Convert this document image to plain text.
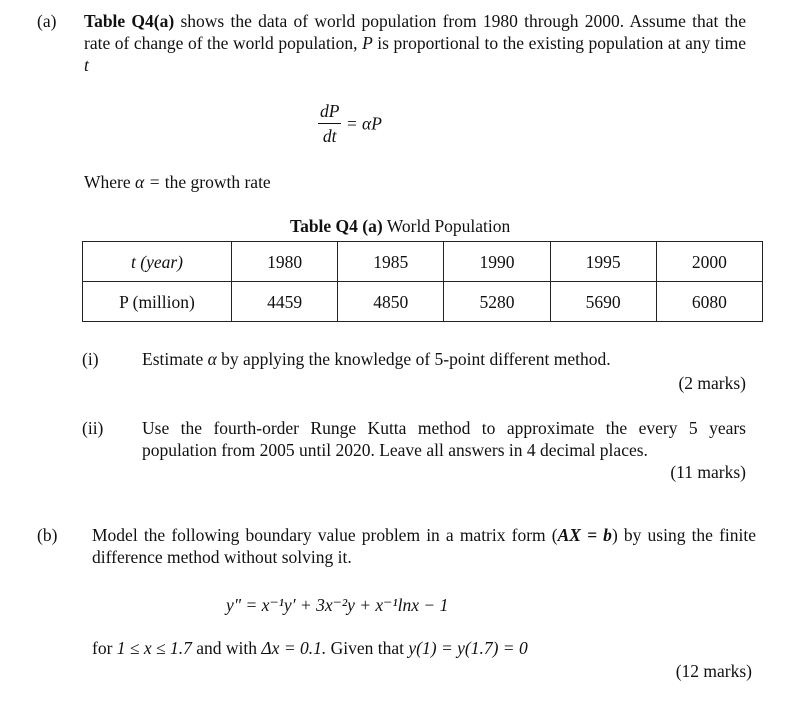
(a) Table Q4(a) shows the data of world population from 1980 through 2000. Assume that the rate of change of the world population, P is proportional to the existing population at any time t
$\frac{dP}{dt} = \alpha P$
Where α = the growth rate
Table Q4 (a) World Population
t (year)	1980	1985	1990	1995	2000
P (million)	4459	4850	5280	5690	6080
(i) Estimate α by applying the knowledge of 5-point different method.
(2 marks)
(ii) Use the fourth-order Runge Kutta method to approximate the every 5 years population from 2005 until 2020. Leave all answers in 4 decimal places.
(11 marks)
(b) Model the following boundary value problem in a matrix form (AX = b) by using the finite difference method without solving it.
y" = x⁻¹y′ + 3x⁻²y + x⁻¹lnx − 1
for 1 ≤ x ≤ 1.7 and with Δx = 0.1. Given that y(1) = y(1.7) = 0
(12 marks)
